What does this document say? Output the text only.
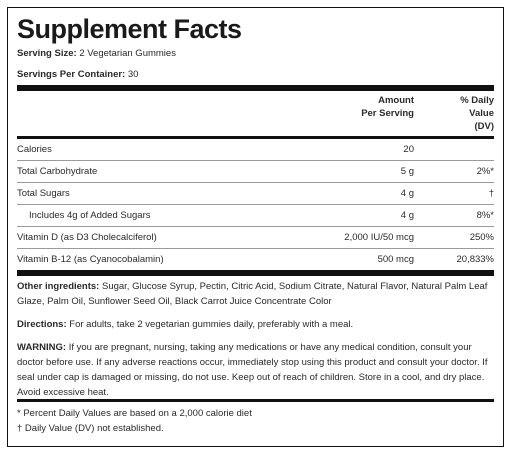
Supplement Facts
Serving Size: 2 Vegetarian Gummies
Servings Per Container: 30
Amount
Per Serving
% Daily
Value
(DV)
Calories	20
Total Carbohydrate	5 g	2%*
Total Sugars	4 g	†
Includes 4g of Added Sugars	4 g	8%*
Vitamin D (as D3 Cholecalciferol)	2,000 IU/50 mcg	250%
Vitamin B-12 (as Cyanocobalamin)	500 mcg	20,833%
Other ingredients: Sugar, Glucose Syrup, Pectin, Citric Acid, Sodium Citrate, Natural Flavor, Natural Palm Leaf Glaze, Palm Oil, Sunflower Seed Oil, Black Carrot Juice Concentrate Color
Directions: For adults, take 2 vegetarian gummies daily, preferably with a meal.
WARNING: If you are pregnant, nursing, taking any medications or have any medical condition, consult your doctor before use. If any adverse reactions occur, immediately stop using this product and consult your doctor. If seal under cap is damaged or missing, do not use. Keep out of reach of children. Store in a cool, and dry place. Avoid excessive heat.
* Percent Daily Values are based on a 2,000 calorie diet
† Daily Value (DV) not established.
